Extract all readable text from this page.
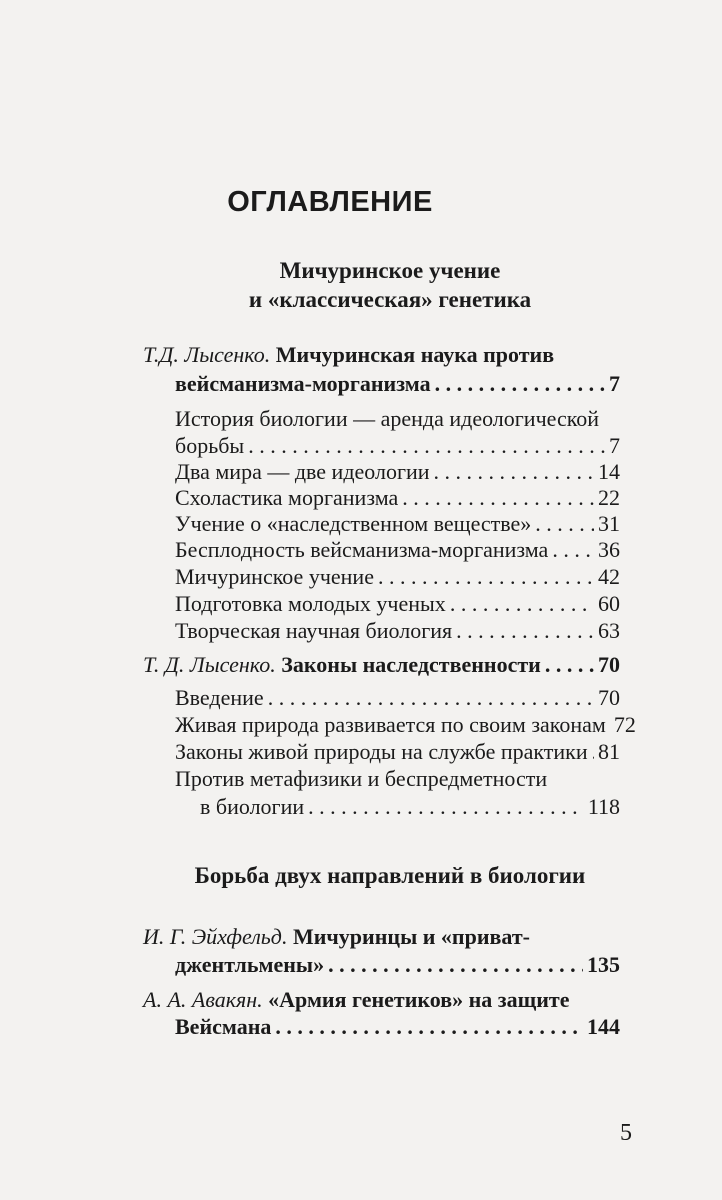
ОГЛАВЛЕНИЕ
Мичуринское учение
и «классическая» генетика
Т.Д. Лысенко. Мичуринская наука против
вейсманизма-морганизма . . .	7
История биологии — аренда идеологической
борьбы . . .	7
Два мира — две идеологии . . .	14
Схоластика морганизма . . .	22
Учение о «наследственном веществе» . . .	31
Бесплодность вейсманизма-морганизма . . . 36
Мичуринское учение . . .	42
Подготовка молодых ученых . . .	60
Творческая научная биология . . .	63
Т. Д. Лысенко. Законы наследственности . . .	70
Введение . . .	70
Живая природа развивается по своим законам 72
Законы живой природы на службе практики . . . 81
Против метафизики и беспредметности
в биологии . . .	118
Борьба двух направлений в биологии
И. Г. Эйхфельд. Мичуринцы и «приват-
джентльмены» . . .	135
А. А. Авакян. «Армия генетиков» на защите
Вейсмана . . .	144
5
